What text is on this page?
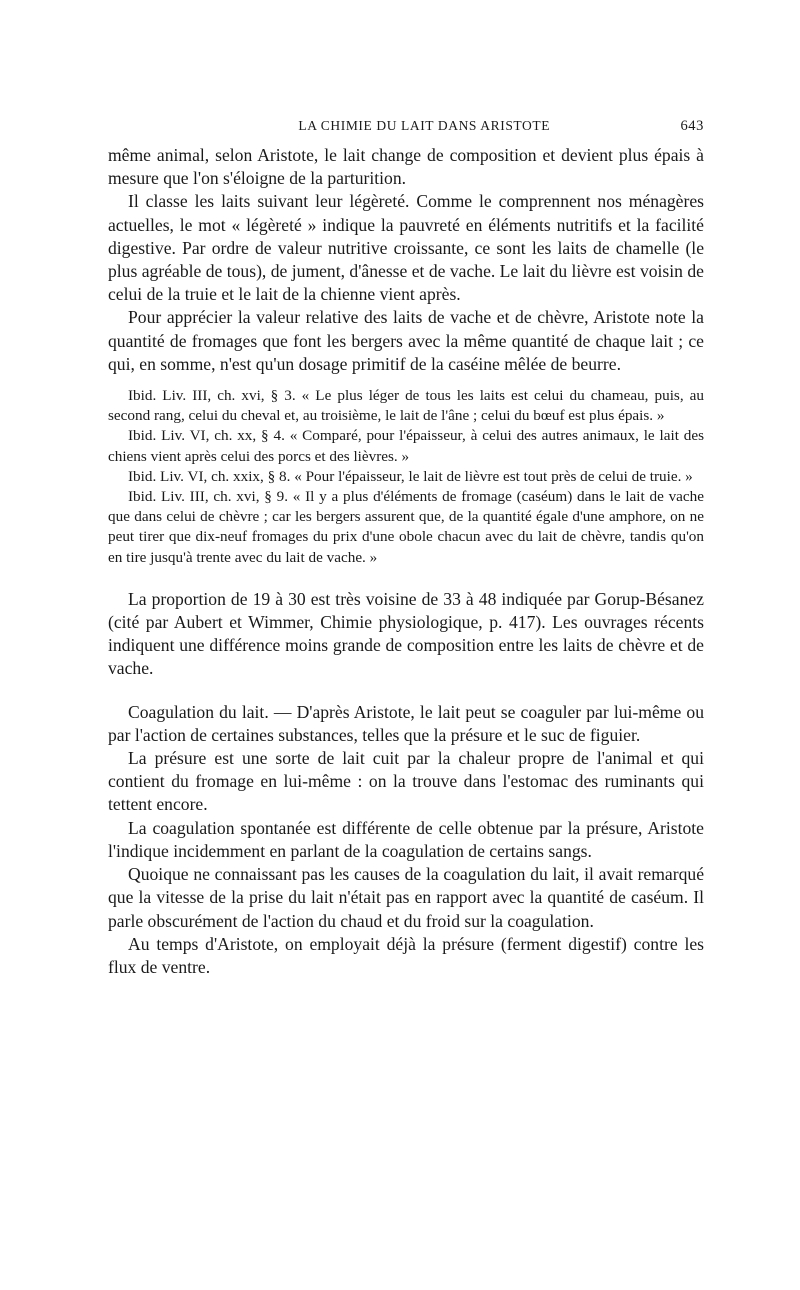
LA CHIMIE DU LAIT DANS ARISTOTE	643

même animal, selon Aristote, le lait change de composition et devient plus épais à mesure que l'on s'éloigne de la parturition.

Il classe les laits suivant leur légèreté. Comme le comprennent nos ménagères actuelles, le mot « légèreté » indique la pauvreté en éléments nutritifs et la facilité digestive. Par ordre de valeur nutritive croissante, ce sont les laits de chamelle (le plus agréable de tous), de jument, d'ânesse et de vache. Le lait du lièvre est voisin de celui de la truie et le lait de la chienne vient après.

Pour apprécier la valeur relative des laits de vache et de chèvre, Aristote note la quantité de fromages que font les bergers avec la même quantité de chaque lait ; ce qui, en somme, n'est qu'un dosage primitif de la caséine mêlée de beurre.

Ibid. Liv. III, ch. xvi, § 3. « Le plus léger de tous les laits est celui du chameau, puis, au second rang, celui du cheval et, au troisième, le lait de l'âne ; celui du bœuf est plus épais. »

Ibid. Liv. VI, ch. xx, § 4. « Comparé, pour l'épaisseur, à celui des autres animaux, le lait des chiens vient après celui des porcs et des lièvres. »

Ibid. Liv. VI, ch. xxix, § 8. « Pour l'épaisseur, le lait de lièvre est tout près de celui de truie. »

Ibid. Liv. III, ch. xvi, § 9. « Il y a plus d'éléments de fromage (caséum) dans le lait de vache que dans celui de chèvre ; car les bergers assurent que, de la quantité égale d'une amphore, on ne peut tirer que dix-neuf fromages du prix d'une obole chacun avec du lait de chèvre, tandis qu'on en tire jusqu'à trente avec du lait de vache. »

La proportion de 19 à 30 est très voisine de 33 à 48 indiquée par Gorup-Bésanez (cité par Aubert et Wimmer, Chimie physiologique, p. 417). Les ouvrages récents indiquent une différence moins grande de composition entre les laits de chèvre et de vache.

Coagulation du lait. — D'après Aristote, le lait peut se coaguler par lui-même ou par l'action de certaines substances, telles que la présure et le suc de figuier.

La présure est une sorte de lait cuit par la chaleur propre de l'animal et qui contient du fromage en lui-même : on la trouve dans l'estomac des ruminants qui tettent encore.

La coagulation spontanée est différente de celle obtenue par la présure, Aristote l'indique incidemment en parlant de la coagulation de certains sangs.

Quoique ne connaissant pas les causes de la coagulation du lait, il avait remarqué que la vitesse de la prise du lait n'était pas en rapport avec la quantité de caséum. Il parle obscurément de l'action du chaud et du froid sur la coagulation.

Au temps d'Aristote, on employait déjà la présure (ferment digestif) contre les flux de ventre.
